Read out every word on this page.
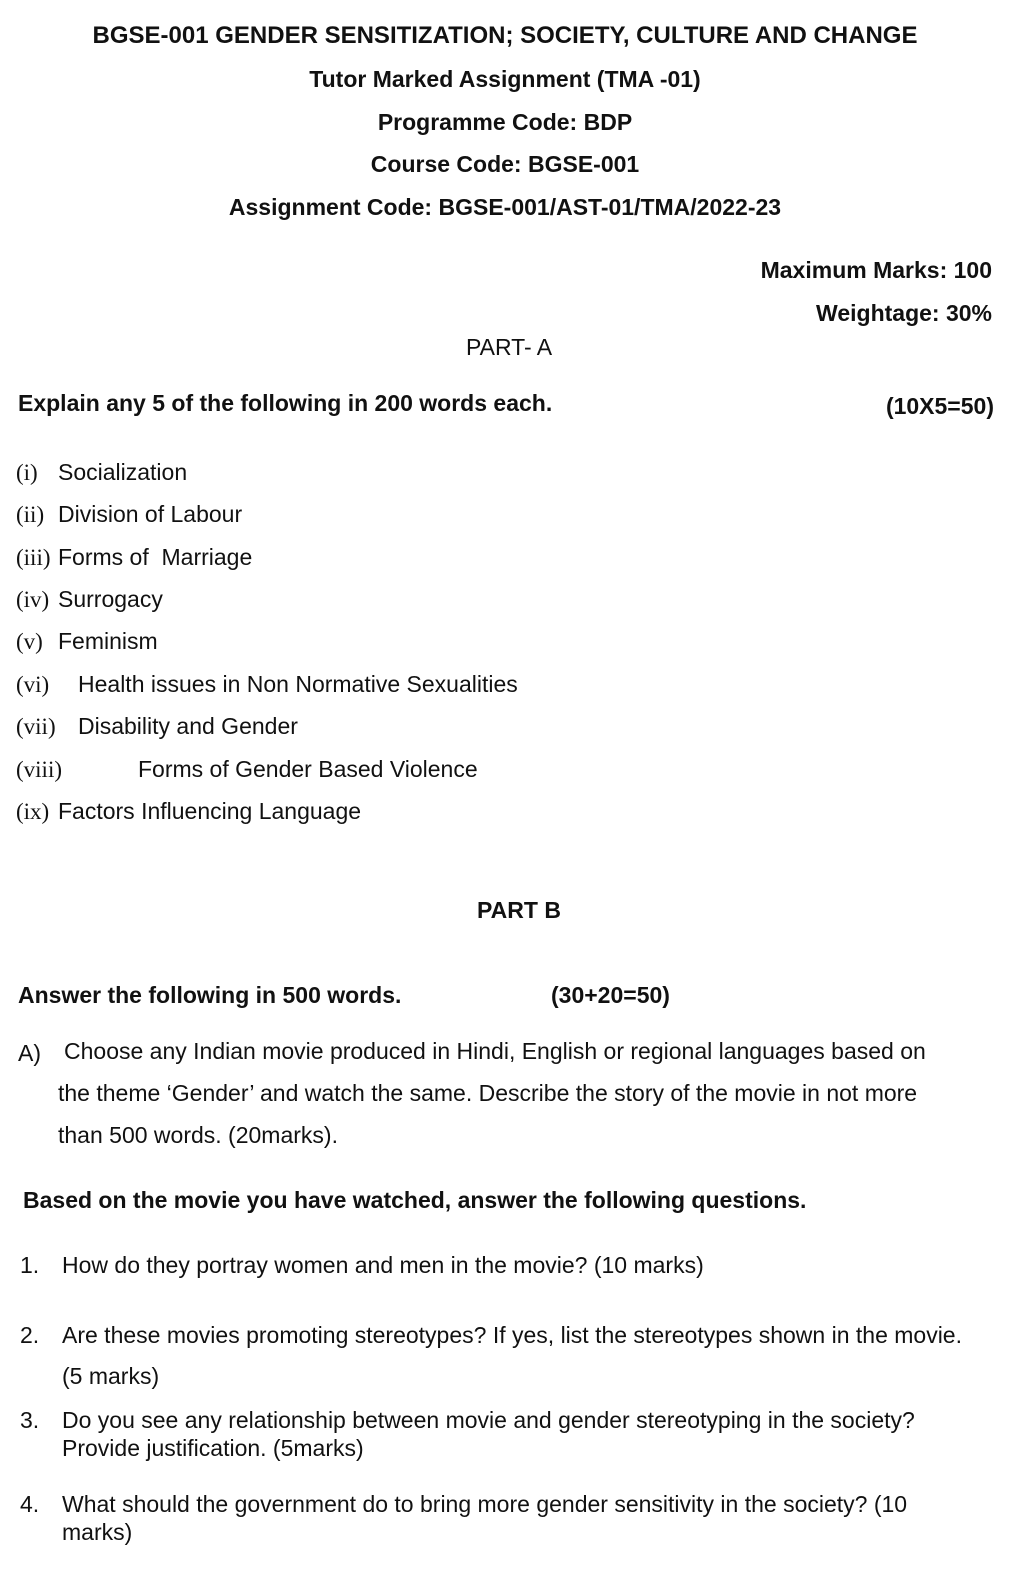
BGSE-001 GENDER SENSITIZATION; SOCIETY, CULTURE AND CHANGE
Tutor Marked Assignment (TMA -01)
Programme Code: BDP
Course Code: BGSE-001
Assignment Code: BGSE-001/AST-01/TMA/2022-23
Maximum Marks: 100
Weightage: 30%
PART- A
Explain any 5 of the following in 200 words each.	(10X5=50)
(i) Socialization
(ii) Division of Labour
(iii) Forms of  Marriage
(iv) Surrogacy
(v) Feminism
(vi) Health issues in Non Normative Sexualities
(vii) Disability and Gender
(viii)	Forms of Gender Based Violence
(ix) Factors Influencing Language
PART B
Answer the following in 500 words.	(30+20=50)
A) Choose any Indian movie produced in Hindi, English or regional languages based on
the theme ‘Gender’ and watch the same. Describe the story of the movie in not more
than 500 words. (20marks).
Based on the movie you have watched, answer the following questions.
1. How do they portray women and men in the movie? (10 marks)
2. Are these movies promoting stereotypes? If yes, list the stereotypes shown in the movie.
(5 marks)
3. Do you see any relationship between movie and gender stereotyping in the society?
Provide justification. (5marks)
4. What should the government do to bring more gender sensitivity in the society? (10
marks)
